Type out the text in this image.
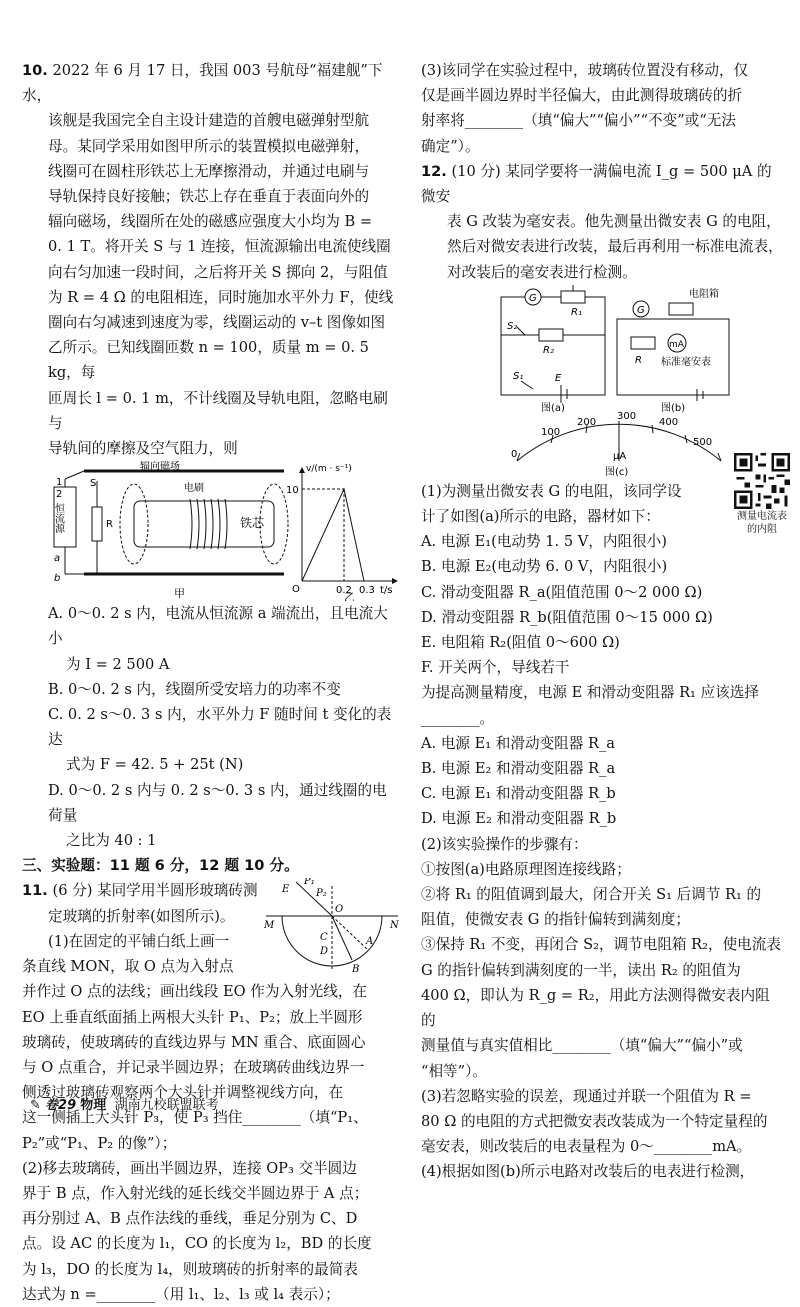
10. 2022 年 6 月 17 日，我国 003 号航母“福建舰”下水，

该舰是我国完全自主设计建造的首艘电磁弹射型航

母。某同学采用如图甲所示的装置模拟电磁弹射，

线圈可在圆柱形铁芯上无摩擦滑动，并通过电刷与

导轨保持良好接触；铁芯上存在垂直于表面向外的

辐向磁场，线圈所在处的磁感应强度大小均为 B =

0. 1 T。将开关 S 与 1 连接，恒流源输出电流使线圈

向右匀加速一段时间，之后将开关 S 掷向 2，与阻值

为 R = 4 Ω 的电阻相连，同时施加水平外力 F，使线

圈向右匀减速到速度为零，线圈运动的 v–t 图像如图

乙所示。已知线圈匝数 n = 100，质量 m = 0. 5 kg，每

匝周长 l = 0. 1 m，不计线圈及导轨电阻，忽略电刷与

导轨间的摩擦及空气阻力，则

恒流源	R
S
1
2
a
b
辐向磁场
电刷
铁芯
甲
v/(m · s⁻¹)
10
O	0.2 0.3 t/s
乙

A. 0～0. 2 s 内，电流从恒流源 a 端流出，且电流大小

为 I = 2 500 A

B. 0～0. 2 s 内，线圈所受安培力的功率不变

C. 0. 2 s～0. 3 s 内，水平外力 F 随时间 t 变化的表达

式为 F = 42. 5 + 25t (N)

D. 0～0. 2 s 内与 0. 2 s～0. 3 s 内，通过线圈的电荷量

之比为 40 : 1

三、实验题：11 题 6 分，12 题 10 分。

11. (6 分) 某同学用半圆形玻璃砖测

定玻璃的折射率(如图所示)。

(1)在固定的平铺白纸上画一

条直线 MON，取 O 点为入射点

E
P₁
P₂
O
M	N
C
D
A
B

并作过 O 点的法线；画出线段 EO 作为入射光线，在

EO 上垂直纸面插上两根大头针 P₁、P₂；放上半圆形

玻璃砖，使玻璃砖的直线边界与 MN 重合、底面圆心

与 O 点重合，并记录半圆边界；在玻璃砖曲线边界一

侧透过玻璃砖观察两个大头针并调整视线方向，在

这一侧插上大头针 P₃，使 P₃ 挡住________（填“P₁、

P₂”或“P₁、P₂ 的像”）；

(2)移去玻璃砖，画出半圆边界，连接 OP₃ 交半圆边

界于 B 点，作入射光线的延长线交半圆边界于 A 点；

再分别过 A、B 点作法线的垂线，垂足分别为 C、D

点。设 AC 的长度为 l₁，CO 的长度为 l₂，BD 的长度

为 l₃，DO 的长度为 l₄，则玻璃砖的折射率的最简表

达式为 n =________（用 l₁、l₂、l₃ 或 l₄ 表示）；

(3)该同学在实验过程中，玻璃砖位置没有移动，仅

仅是画半圆边界时半径偏大，由此测得玻璃砖的折

射率将________（填“偏大”“偏小”“不变”或“无法

确定”）。

12. (10 分) 某同学要将一满偏电流 I_g = 500 μA 的微安

表 G 改装为毫安表。他先测量出微安表 G 的电阻，

然后对微安表进行改装，最后再利用一标准电流表，

对改装后的毫安表进行检测。

G
R₁
R₂
S₂
S₁	E
图(a)
G
电阻箱
mA
R 标准毫安表
图(b)
0
100
200
300
400
500
μA
图(c)

(1)为测量出微安表 G 的电阻，该同学设

计了如图(a)所示的电路，器材如下：

A. 电源 E₁(电动势 1. 5 V，内阻很小)

B. 电源 E₂(电动势 6. 0 V，内阻很小)

C. 滑动变阻器 R_a(阻值范围 0～2 000 Ω)

D. 滑动变阻器 R_b(阻值范围 0～15 000 Ω)

E. 电阻箱 R₂(阻值 0～600 Ω)

F. 开关两个，导线若干

为提高测量精度，电源 E 和滑动变阻器 R₁ 应该选择

________。

A. 电源 E₁ 和滑动变阻器 R_a

B. 电源 E₂ 和滑动变阻器 R_a

C. 电源 E₁ 和滑动变阻器 R_b

D. 电源 E₂ 和滑动变阻器 R_b

(2)该实验操作的步骤有：

①按图(a)电路原理图连接线路；

②将 R₁ 的阻值调到最大，闭合开关 S₁ 后调节 R₁ 的

阻值，使微安表 G 的指针偏转到满刻度；

③保持 R₁ 不变，再闭合 S₂，调节电阻箱 R₂，使电流表

G 的指针偏转到满刻度的一半，读出 R₂ 的阻值为

400 Ω，即认为 R_g = R₂，用此方法测得微安表内阻的

测量值与真实值相比________（填“偏大”“偏小”或

“相等”）。

(3)若忽略实验的误差，现通过并联一个阻值为 R =

80 Ω 的电阻的方式把微安表改装成为一个特定量程的

毫安表，则改装后的电表量程为 0～________mA。

(4)根据如图(b)所示电路对改装后的电表进行检测，

测量电流表
的内阻
✎ 卷29 物理 湖南九校联盟联考
